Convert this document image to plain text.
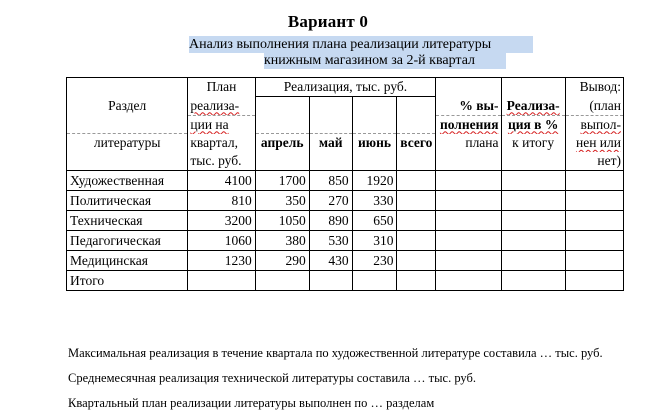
Вариант 0
Анализ выполнения плана реализации литературы
книжным магазином за 2-й квартал
	План	Реализация, тыс. руб.						Вывод:
Раздел	реализа-					% вы-	Реализа-	(план
	ции на					полнения	ция в %	выпол-
литературы	квартал,	апрель	май	июнь	всего	плана	к итогу	нен или
	тыс. руб.							нет)
Художественная	4100	1700	850	1920				
Политическая	810	350	270	330				
Техническая	3200	1050	890	650				
Педагогическая	1060	380	530	310				
Медицинская	1230	290	430	230				
Итого								
Максимальная реализация в течение квартала по художественной литературе составила … тыс. руб.
Среднемесячная реализация технической литературы составила … тыс. руб.
Квартальный план реализации литературы выполнен по … разделам
